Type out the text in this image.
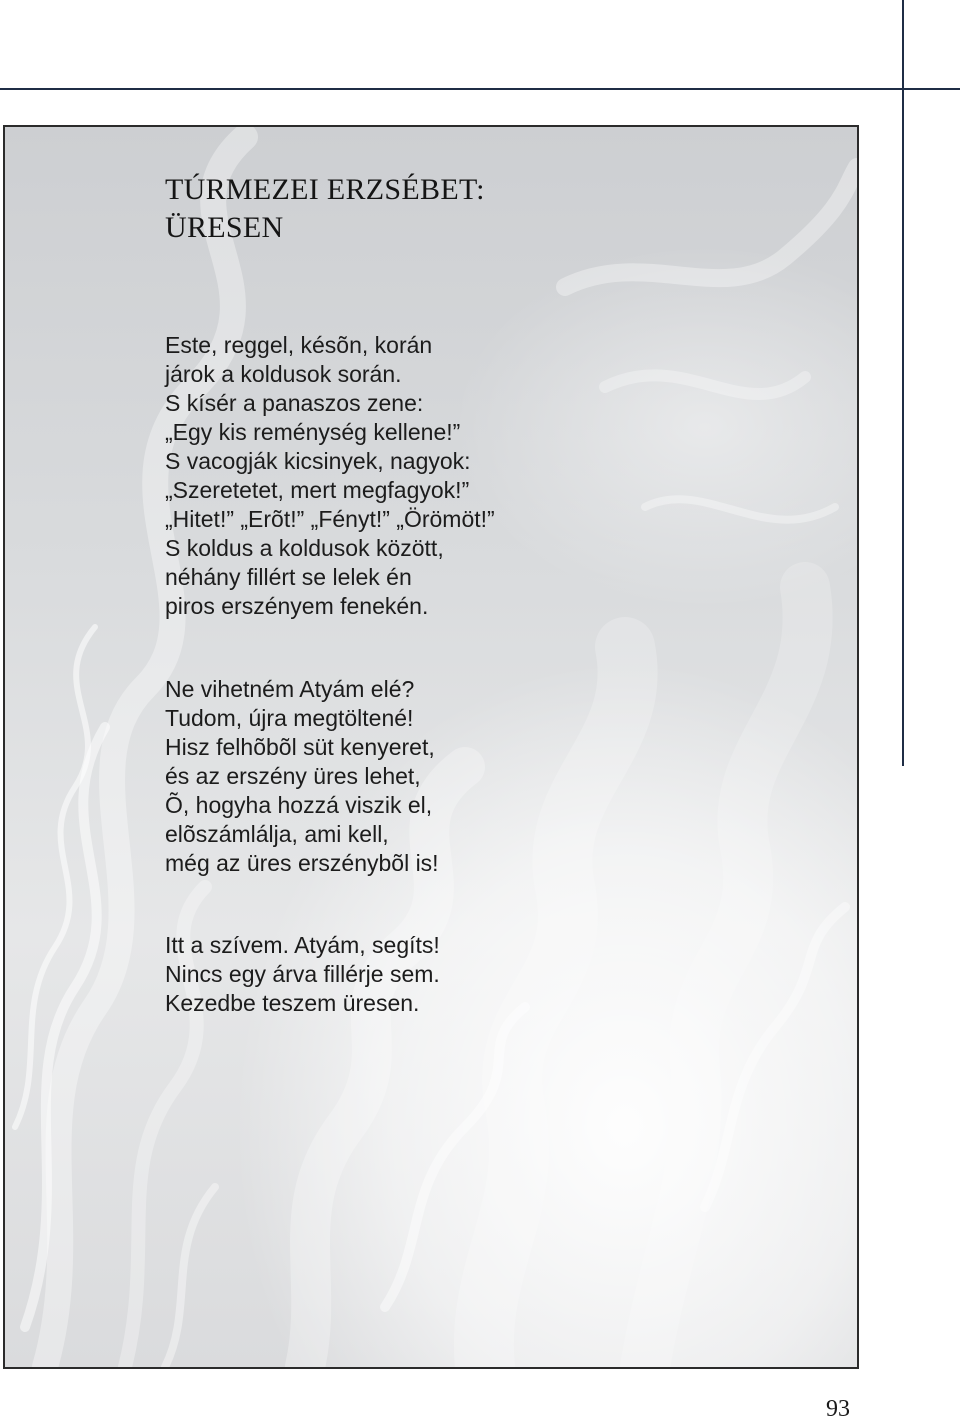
TÚRMEZEI ERZSÉBET:
ÜRESEN
Este, reggel, késõn, korán
járok a koldusok során.
S kísér a panaszos zene:
„Egy kis reménység kellene!”
S vacogják kicsinyek, nagyok:
„Szeretetet, mert megfagyok!”
„Hitet!” „Erõt!” „Fényt!” „Örömöt!”
S koldus a koldusok között,
néhány fillért se lelek én
piros erszényem fenekén.
Ne vihetném Atyám elé?
Tudom, újra megtöltené!
Hisz felhõbõl süt kenyeret,
és az erszény üres lehet,
Õ, hogyha hozzá viszik el,
elõszámlálja, ami kell,
még az üres erszénybõl is!
Itt a szívem. Atyám, segíts!
Nincs egy árva fillérje sem.
Kezedbe teszem üresen.
93
